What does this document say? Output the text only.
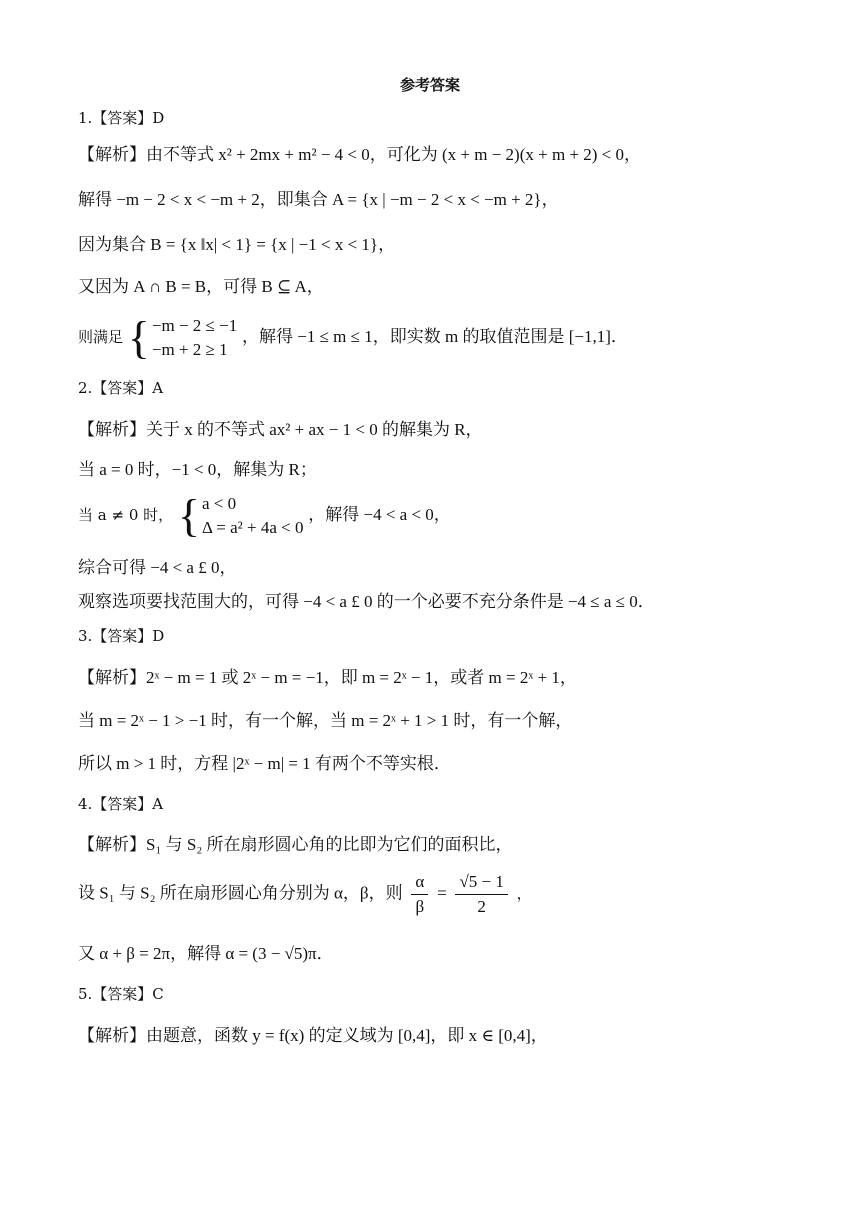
参考答案
1.【答案】D
【解析】由不等式 x² + 2mx + m² − 4 < 0，可化为 (x + m − 2)(x + m + 2) < 0，
解得 −m − 2 < x < −m + 2，即集合 A = {x | −m − 2 < x < −m + 2}，
因为集合 B = {x ‖x| < 1} = {x | −1 < x < 1}，
又因为 A ∩ B = B，可得 B ⊆ A，
则满足 { −m − 2 ≤ −1
−m + 2 ≥ 1
，解得 −1 ≤ m ≤ 1，即实数 m 的取值范围是 [−1,1]．
2.【答案】A
【解析】关于 x 的不等式 ax² + ax − 1 < 0 的解集为 R，
当 a = 0 时，−1 < 0，解集为 R；
当 a ≠ 0 时， { a < 0
Δ = a² + 4a < 0
，解得 −4 < a < 0，
综合可得 −4 < a £ 0，
观察选项要找范围大的，可得 −4 < a £ 0 的一个必要不充分条件是 −4 ≤ a ≤ 0．
3.【答案】D
【解析】2ˣ − m = 1 或 2ˣ − m = −1，即 m = 2ˣ − 1，或者 m = 2ˣ + 1，
当 m = 2ˣ − 1 > −1 时，有一个解，当 m = 2ˣ + 1 > 1 时，有一个解，
所以 m > 1 时，方程 |2ˣ − m| = 1 有两个不等实根．
4.【答案】A
【解析】S₁ 与 S₂ 所在扇形圆心角的比即为它们的面积比，
设 S₁ 与 S₂ 所在扇形圆心角分别为 α，β，则 $\frac{\alpha}{\beta} = \frac{√5 - 1}{2}$ ，
又 α + β = 2π，解得 α = (3 − √5)π．
5.【答案】C
【解析】由题意，函数 y = f(x) 的定义域为 [0,4]，即 x ∈ [0,4]，
